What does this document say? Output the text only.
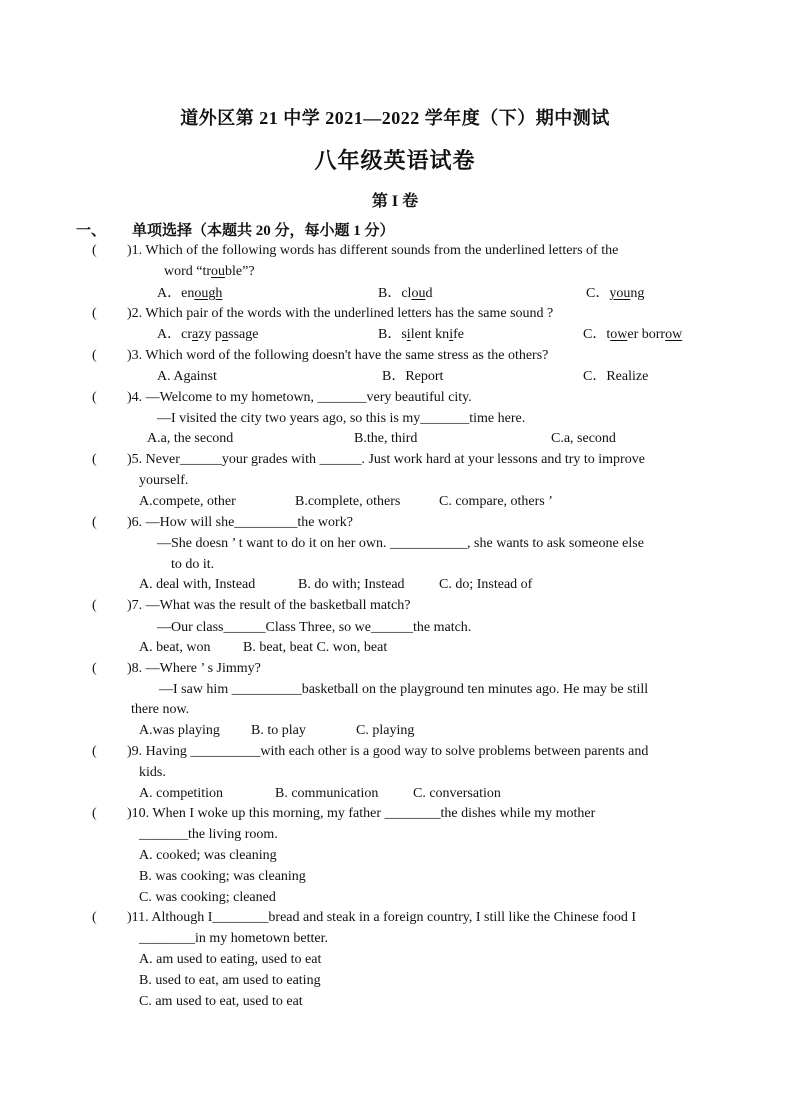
道外区第 21 中学 2021—2022 学年度（下）期中测试
八年级英语试卷
第 I 卷
一、 单项选择（本题共 20 分，每小题 1 分）
( )1. Which of the following words has different sounds from the underlined letters of the
word “trouble”?
A．enough	B．cloud	C．young
( )2. Which pair of the words with the underlined letters has the same sound ?
A．crazy passage	B．silent knife	C．tower borrow
( )3. Which word of the following doesn't have the same stress as the others?
A. Against	B．Report	C．Realize
( )4. —Welcome to my hometown, _______very beautiful city.
—I visited the city two years ago, so this is my_______time here.
A.a, the second	B.the, third	C.a, second
( )5. Never______your grades with ______. Just work hard at your lessons and try to improve
yourself.
A.compete, other	B.complete, others	C. compare, others ’
( )6. —How will she_________the work?
—She doesn ’ t want to do it on her own. ___________, she wants to ask someone else
to do it.
A. deal with, Instead	B. do with; Instead C. do; Instead of
( )7. —What was the result of the basketball match?
—Our class______Class Three, so we______the match.
A. beat, won B. beat, beat C. won, beat
( )8. —Where ’ s Jimmy?
—I saw him __________basketball on the playground ten minutes ago. He may be still
there now.
A.was playing B. to play	C. playing
( )9. Having __________with each other is a good way to solve problems between parents and
kids.
A. competition	B. communication C. conversation
( )10. When I woke up this morning, my father ________the dishes while my mother
_______the living room.
A. cooked; was cleaning
B. was cooking; was cleaning
C. was cooking; cleaned
( )11. Although I________bread and steak in a foreign country, I still like the Chinese food I
________in my hometown better.
A. am used to eating, used to eat
B. used to eat, am used to eating
C. am used to eat, used to eat
